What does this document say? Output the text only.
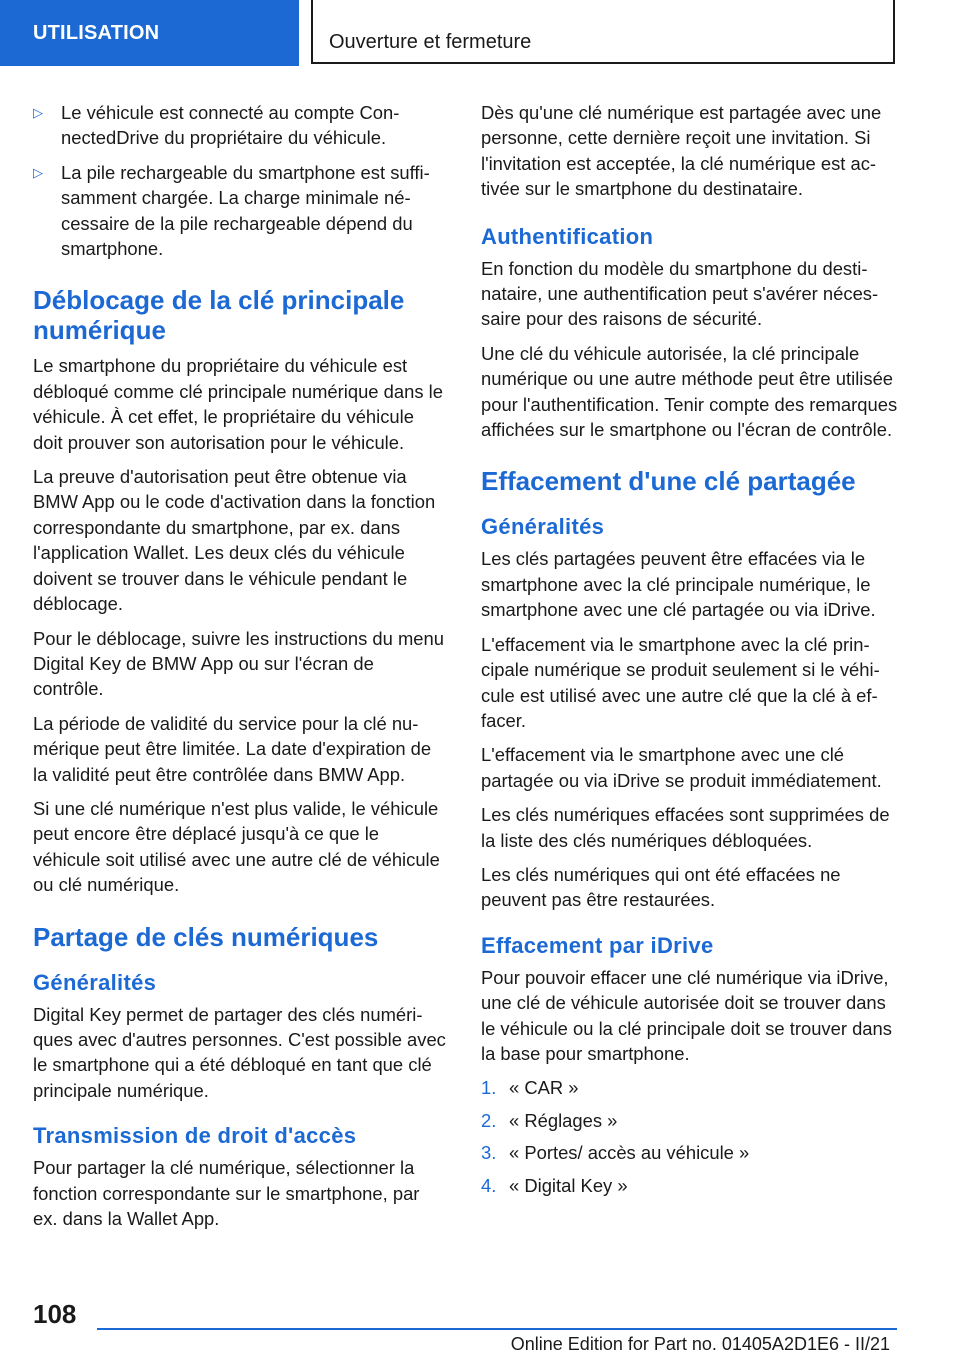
UTILISATION	Ouverture et fermeture
▷ Le véhicule est connecté au compte ConnectedDrive du propriétaire du véhicule.
▷ La pile rechargeable du smartphone est suffisamment chargée. La charge minimale nécessaire de la pile rechargeable dépend du smartphone.
Déblocage de la clé principale numérique

Le smartphone du propriétaire du véhicule est débloqué comme clé principale numérique dans le véhicule. À cet effet, le propriétaire du véhicule doit prouver son autorisation pour le véhicule.

La preuve d'autorisation peut être obtenue via BMW App ou le code d'activation dans la fonction correspondante du smartphone, par ex. dans l'application Wallet. Les deux clés du véhicule doivent se trouver dans le véhicule pendant le déblocage.

Pour le déblocage, suivre les instructions du menu Digital Key de BMW App ou sur l'écran de contrôle.

La période de validité du service pour la clé numérique peut être limitée. La date d'expiration de la validité peut être contrôlée dans BMW App.

Si une clé numérique n'est plus valide, le véhicule peut encore être déplacé jusqu'à ce que le véhicule soit utilisé avec une autre clé de véhicule ou clé numérique.

Partage de clés numériques
Généralités

Digital Key permet de partager des clés numériques avec d'autres personnes. C'est possible avec le smartphone qui a été débloqué en tant que clé principale numérique.

Transmission de droit d'accès

Pour partager la clé numérique, sélectionner la fonction correspondante sur le smartphone, par ex. dans la Wallet App.

Dès qu'une clé numérique est partagée avec une personne, cette dernière reçoit une invitation. Si l'invitation est acceptée, la clé numérique est activée sur le smartphone du destinataire.

Authentification

En fonction du modèle du smartphone du destinataire, une authentification peut s'avérer nécessaire pour des raisons de sécurité.

Une clé du véhicule autorisée, la clé principale numérique ou une autre méthode peut être utilisée pour l'authentification. Tenir compte des remarques affichées sur le smartphone ou l'écran de contrôle.

Effacement d'une clé partagée
Généralités

Les clés partagées peuvent être effacées via le smartphone avec la clé principale numérique, le smartphone avec une clé partagée ou via iDrive.

L'effacement via le smartphone avec la clé principale numérique se produit seulement si le véhicule est utilisé avec une autre clé que la clé à effacer.

L'effacement via le smartphone avec une clé partagée ou via iDrive se produit immédiatement.

Les clés numériques effacées sont supprimées de la liste des clés numériques débloquées.

Les clés numériques qui ont été effacées ne peuvent pas être restaurées.

Effacement par iDrive

Pour pouvoir effacer une clé numérique via iDrive, une clé de véhicule autorisée doit se trouver dans le véhicule ou la clé principale doit se trouver dans la base pour smartphone.

1. « CAR »
2. « Réglages »
3. « Portes/ accès au véhicule »
4. « Digital Key »
108
Online Edition for Part no. 01405A2D1E6 - II/21
